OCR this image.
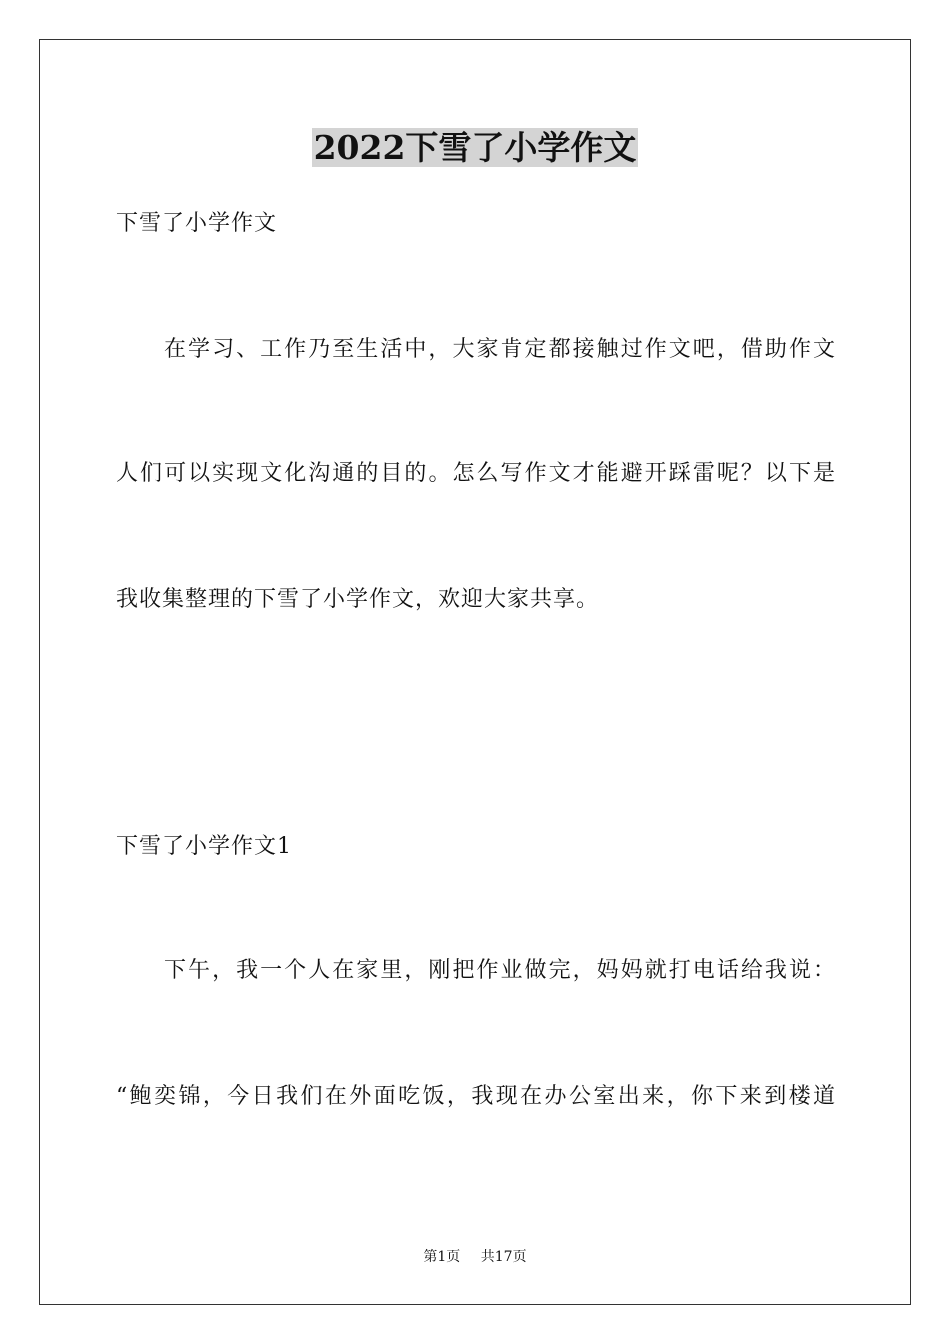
2022下雪了小学作文
下雪了小学作文
在学习、工作乃至生活中，大家肯定都接触过作文吧，借助作文
人们可以实现文化沟通的目的。怎么写作文才能避开踩雷呢？以下是
我收集整理的下雪了小学作文，欢迎大家共享。
下雪了小学作文1
下午，我一个人在家里，刚把作业做完，妈妈就打电话给我说：
“鲍奕锦，今日我们在外面吃饭，我现在办公室出来，你下来到楼道
第1页 共17页
